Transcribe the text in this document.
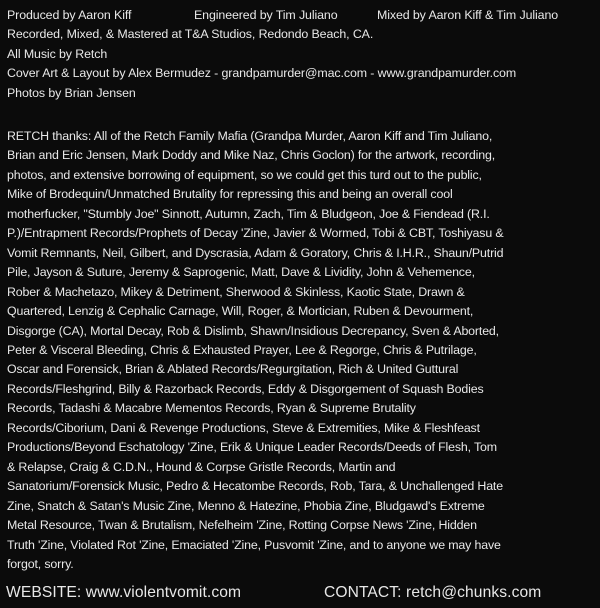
Produced by Aaron Kiff	Engineered by Tim Juliano	Mixed by Aaron Kiff & Tim Juliano
Recorded, Mixed, & Mastered at T&A Studios, Redondo Beach, CA.
All Music by Retch
Cover Art & Layout by Alex Bermudez - grandpamurder@mac.com - www.grandpamurder.com
Photos by Brian Jensen
RETCH thanks: All of the Retch Family Mafia (Grandpa Murder, Aaron Kiff and Tim Juliano,
Brian and Eric Jensen, Mark Doddy and Mike Naz, Chris Goclon) for the artwork, recording,
photos, and extensive borrowing of equipment, so we could get this turd out to the public,
Mike of Brodequin/Unmatched Brutality for repressing this and being an overall cool
motherfucker, "Stumbly Joe" Sinnott, Autumn, Zach, Tim & Bludgeon, Joe & Fiendead (R.I.
P.)/Entrapment Records/Prophets of Decay 'Zine, Javier & Wormed, Tobi & CBT, Toshiyasu &
Vomit Remnants, Neil, Gilbert, and Dyscrasia, Adam & Goratory, Chris & I.H.R., Shaun/Putrid
Pile, Jayson & Suture, Jeremy & Saprogenic, Matt, Dave & Lividity, John & Vehemence,
Rober & Machetazo, Mikey & Detriment, Sherwood & Skinless, Kaotic State, Drawn &
Quartered, Lenzig & Cephalic Carnage, Will, Roger, & Mortician, Ruben & Devourment,
Disgorge (CA), Mortal Decay, Rob & Dislimb, Shawn/Insidious Decrepancy, Sven & Aborted,
Peter & Visceral Bleeding, Chris & Exhausted Prayer, Lee & Regorge, Chris & Putrilage,
Oscar and Forensick, Brian & Ablated Records/Regurgitation, Rich & United Guttural
Records/Fleshgrind, Billy & Razorback Records, Eddy & Disgorgement of Squash Bodies
Records, Tadashi & Macabre Mementos Records, Ryan & Supreme Brutality
Records/Ciborium, Dani & Revenge Productions, Steve & Extremities, Mike & Fleshfeast
Productions/Beyond Eschatology 'Zine, Erik & Unique Leader Records/Deeds of Flesh, Tom
& Relapse, Craig & C.D.N., Hound & Corpse Gristle Records, Martin and
Sanatorium/Forensick Music, Pedro & Hecatombe Records, Rob, Tara, & Unchallenged Hate
Zine, Snatch & Satan's Music Zine, Menno & Hatezine, Phobia Zine, Bludgawd's Extreme
Metal Resource, Twan & Brutalism, Nefelheim 'Zine, Rotting Corpse News 'Zine, Hidden
Truth 'Zine, Violated Rot 'Zine, Emaciated 'Zine, Pusvomit 'Zine, and to anyone we may have
forgot, sorry.
WEBSITE: www.violentvomit.com	CONTACT: retch@chunks.com
